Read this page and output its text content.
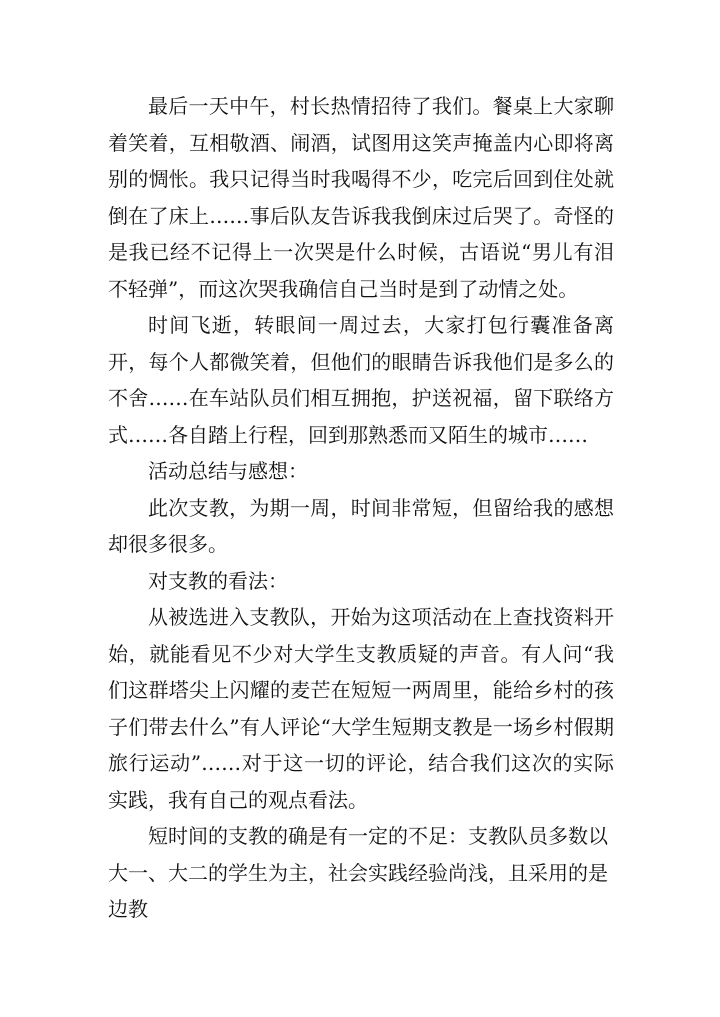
最后一天中午，村长热情招待了我们。餐桌上大家聊着笑着，互相敬酒、闹酒，试图用这笑声掩盖内心即将离别的惆怅。我只记得当时我喝得不少，吃完后回到住处就倒在了床上……事后队友告诉我我倒床过后哭了。奇怪的是我已经不记得上一次哭是什么时候，古语说“男儿有泪不轻弹”，而这次哭我确信自己当时是到了动情之处。

时间飞逝，转眼间一周过去，大家打包行囊准备离开，每个人都微笑着，但他们的眼睛告诉我他们是多么的不舍……在车站队员们相互拥抱，护送祝福，留下联络方式……各自踏上行程，回到那熟悉而又陌生的城市……

活动总结与感想：

此次支教，为期一周，时间非常短，但留给我的感想却很多很多。

对支教的看法：

从被选进入支教队，开始为这项活动在上查找资料开始，就能看见不少对大学生支教质疑的声音。有人问“我们这群塔尖上闪耀的麦芒在短短一两周里，能给乡村的孩子们带去什么”有人评论“大学生短期支教是一场乡村假期旅行运动”……对于这一切的评论，结合我们这次的实际实践，我有自己的观点看法。

短时间的支教的确是有一定的不足：支教队员多数以大一、大二的学生为主，社会实践经验尚浅，且采用的是边教
